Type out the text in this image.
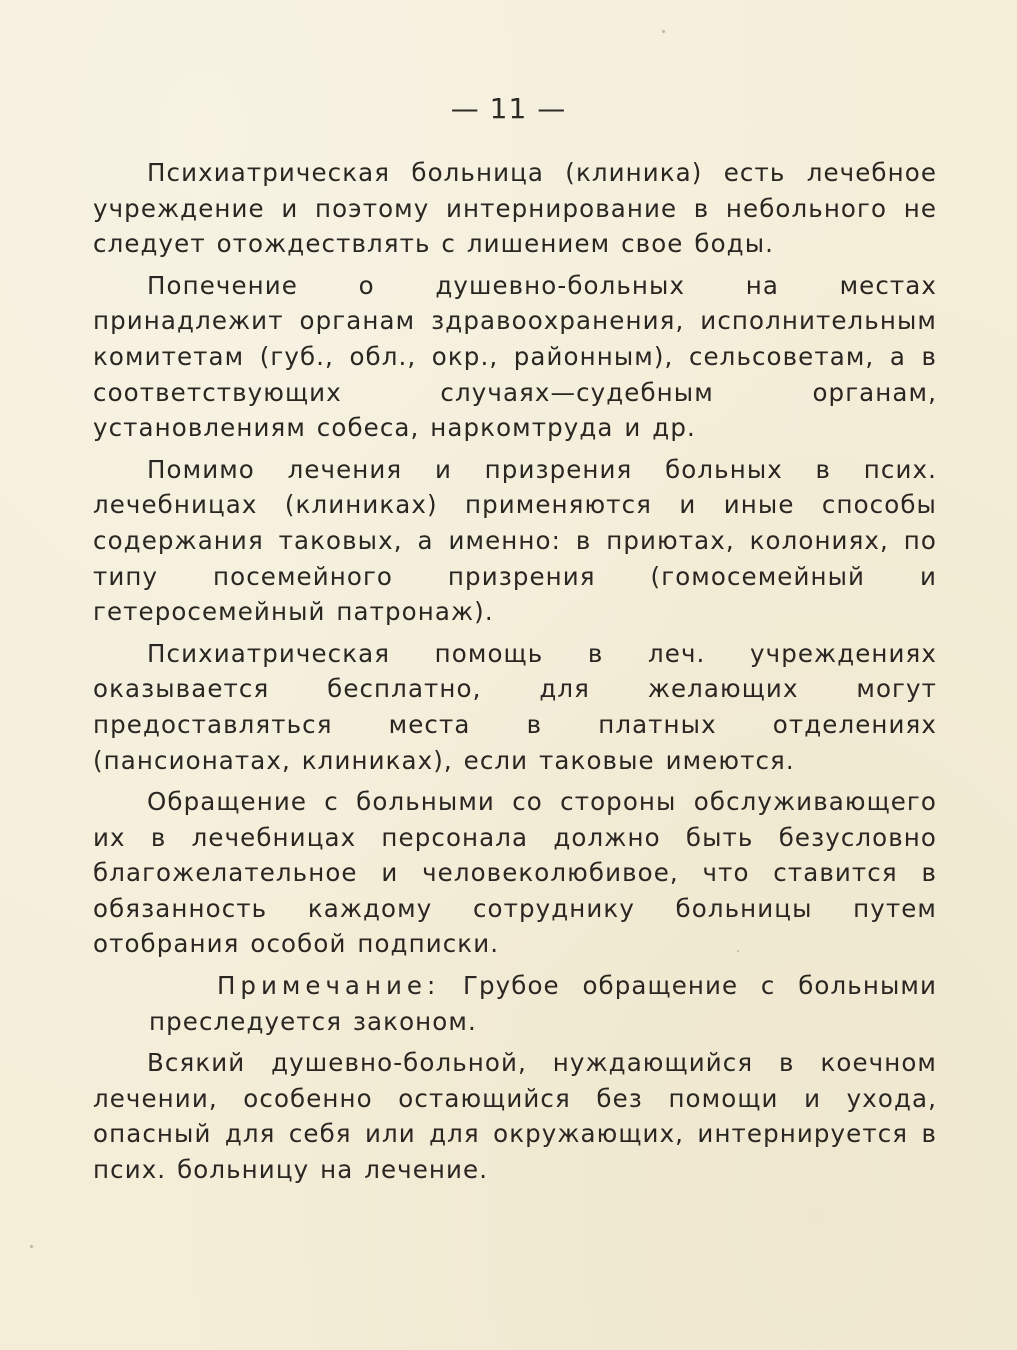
— 11 —

Психиатрическая больница (клиника) есть лечебное учреждение и поэтому интернирование в небольного не следует отождествлять с лишением свое боды.

Попечение о душевно-больных на местах принадлежит органам здравоохранения, исполнительным комитетам (губ., обл., окр., районным), сельсоветам, а в соответствующих случаях—судебным органам, установлениям собеса, наркомтруда и др.

Помимо лечения и призрения больных в псих. лечебницах (клиниках) применяются и иные способы содержания таковых, а именно: в приютах, колониях, по типу посемейного призрения (гомосемейный и гетеросемейный патронаж).

Психиатрическая помощь в леч. учреждениях оказывается бесплатно, для желающих могут предоставляться места в платных отделениях (пансионатах, клиниках), если таковые имеются.

Обращение с больными со стороны обслуживающего их в лечебницах персонала должно быть безусловно благожелательное и человеколюбивое, что ставится в обязанность каждому сотруднику больницы путем отобрания особой подписки.

Примечание: Грубое обращение с больными преследуется законом.

Всякий душевно-больной, нуждающийся в коечном лечении, особенно остающийся без помощи и ухода, опасный для себя или для окружающих, интернируется в псих. больницу на лечение.
